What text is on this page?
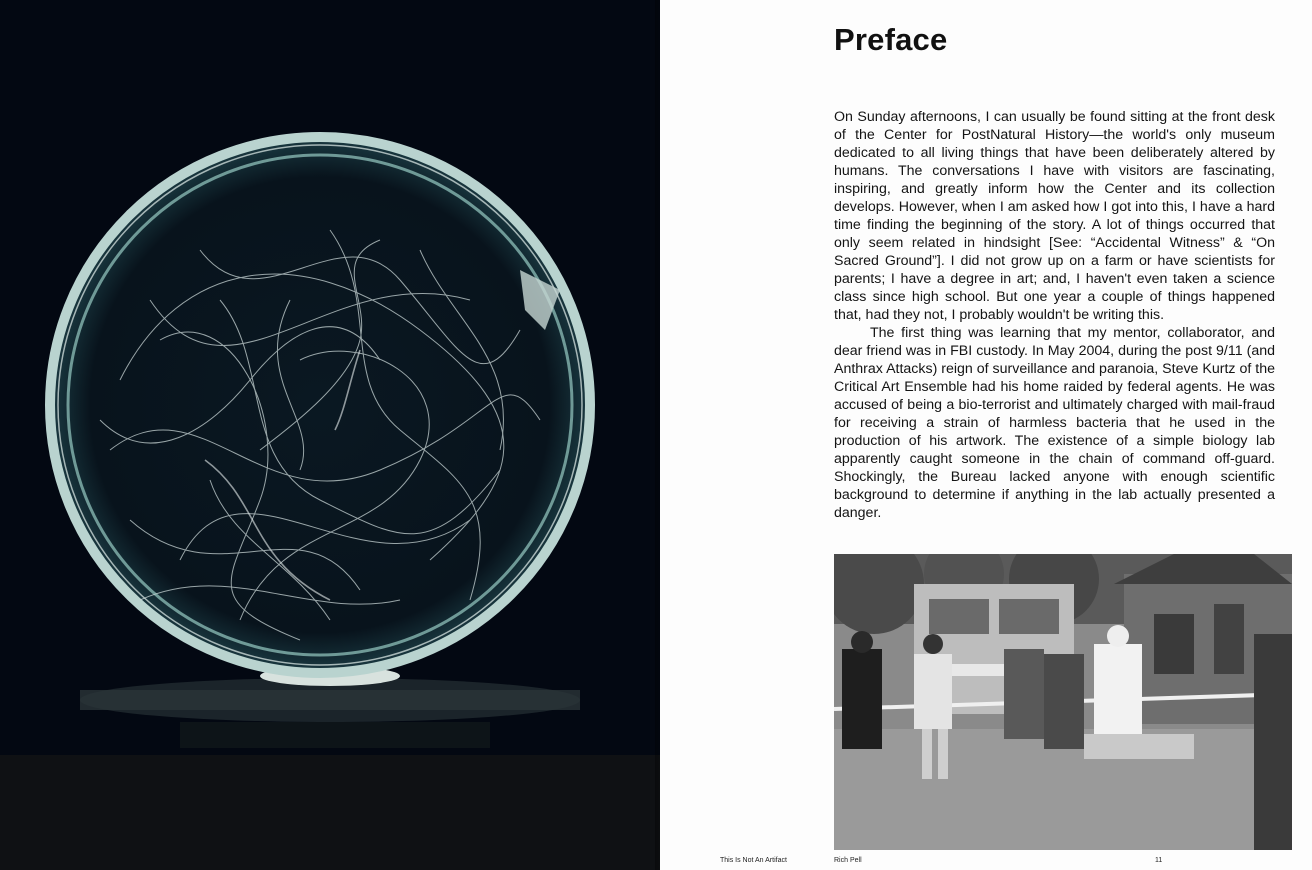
Preface

On Sunday afternoons, I can usually be found sitting at the front desk of the Center for PostNatural History—the world's only museum dedicated to all living things that have been deliberately altered by humans. The conversations I have with visitors are fascinating, inspiring, and greatly inform how the Center and its collection develops. However, when I am asked how I got into this, I have a hard time finding the beginning of the story. A lot of things occurred that only seem related in hindsight [See: “Accidental Witness” & “On Sacred Ground”]. I did not grow up on a farm or have scientists for parents; I have a degree in art; and, I haven't even taken a science class since high school. But one year a couple of things happened that, had they not, I probably wouldn't be writing this.

The first thing was learning that my mentor, collaborator, and dear friend was in FBI custody. In May 2004, during the post 9/11 (and Anthrax Attacks) reign of surveillance and paranoia, Steve Kurtz of the Critical Art Ensemble had his home raided by federal agents. He was accused of being a bio-terrorist and ultimately charged with mail-fraud for receiving a strain of harmless bacteria that he used in the production of his artwork. The existence of a simple biology lab apparently caught someone in the chain of command off-guard. Shockingly, the Bureau lacked anyone with enough scientific background to determine if anything in the lab actually presented a danger.

This Is Not An Artifact	Rich Pell	11
